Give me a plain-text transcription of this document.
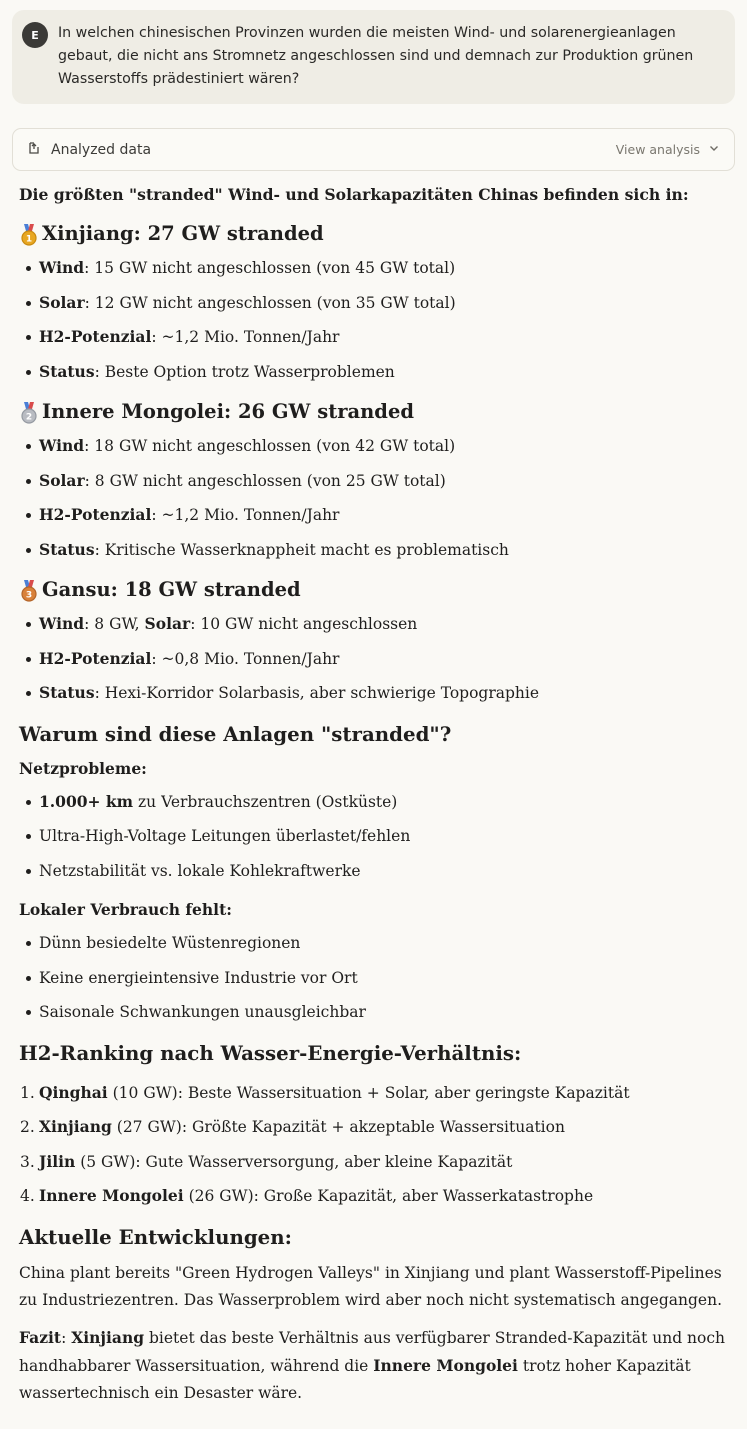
E	In welchen chinesischen Provinzen wurden die meisten Wind- und solarenergieanlagen gebaut, die nicht ans Stromnetz angeschlossen sind und demnach zur Produktion grünen Wasserstoffs prädestiniert wären?
Analyzed data	View analysis

Die größten "stranded" Wind- und Solarkapazitäten Chinas befinden sich in:

1 Xinjiang: 27 GW stranded
Wind: 15 GW nicht angeschlossen (von 45 GW total)
Solar: 12 GW nicht angeschlossen (von 35 GW total)
H2-Potenzial: ~1,2 Mio. Tonnen/Jahr
Status: Beste Option trotz Wasserproblemen
2 Innere Mongolei: 26 GW stranded
Wind: 18 GW nicht angeschlossen (von 42 GW total)
Solar: 8 GW nicht angeschlossen (von 25 GW total)
H2-Potenzial: ~1,2 Mio. Tonnen/Jahr
Status: Kritische Wasserknappheit macht es problematisch
3 Gansu: 18 GW stranded
Wind: 8 GW, Solar: 10 GW nicht angeschlossen
H2-Potenzial: ~0,8 Mio. Tonnen/Jahr
Status: Hexi-Korridor Solarbasis, aber schwierige Topographie
Warum sind diese Anlagen "stranded"?
Netzprobleme:
1.000+ km zu Verbrauchszentren (Ostküste)
Ultra-High-Voltage Leitungen überlastet/fehlen
Netzstabilität vs. lokale Kohlekraftwerke
Lokaler Verbrauch fehlt:
Dünn besiedelte Wüstenregionen
Keine energieintensive Industrie vor Ort
Saisonale Schwankungen unausgleichbar
H2-Ranking nach Wasser-Energie-Verhältnis:
1. Qinghai (10 GW): Beste Wassersituation + Solar, aber geringste Kapazität
2. Xinjiang (27 GW): Größte Kapazität + akzeptable Wassersituation
3. Jilin (5 GW): Gute Wasserversorgung, aber kleine Kapazität
4. Innere Mongolei (26 GW): Große Kapazität, aber Wasserkatastrophe
Aktuelle Entwicklungen:

China plant bereits "Green Hydrogen Valleys" in Xinjiang und plant Wasserstoff-Pipelines zu Industriezentren. Das Wasserproblem wird aber noch nicht systematisch angegangen.

Fazit: Xinjiang bietet das beste Verhältnis aus verfügbarer Stranded-Kapazität und noch handhabbarer Wassersituation, während die Innere Mongolei trotz hoher Kapazität wassertechnisch ein Desaster wäre.
